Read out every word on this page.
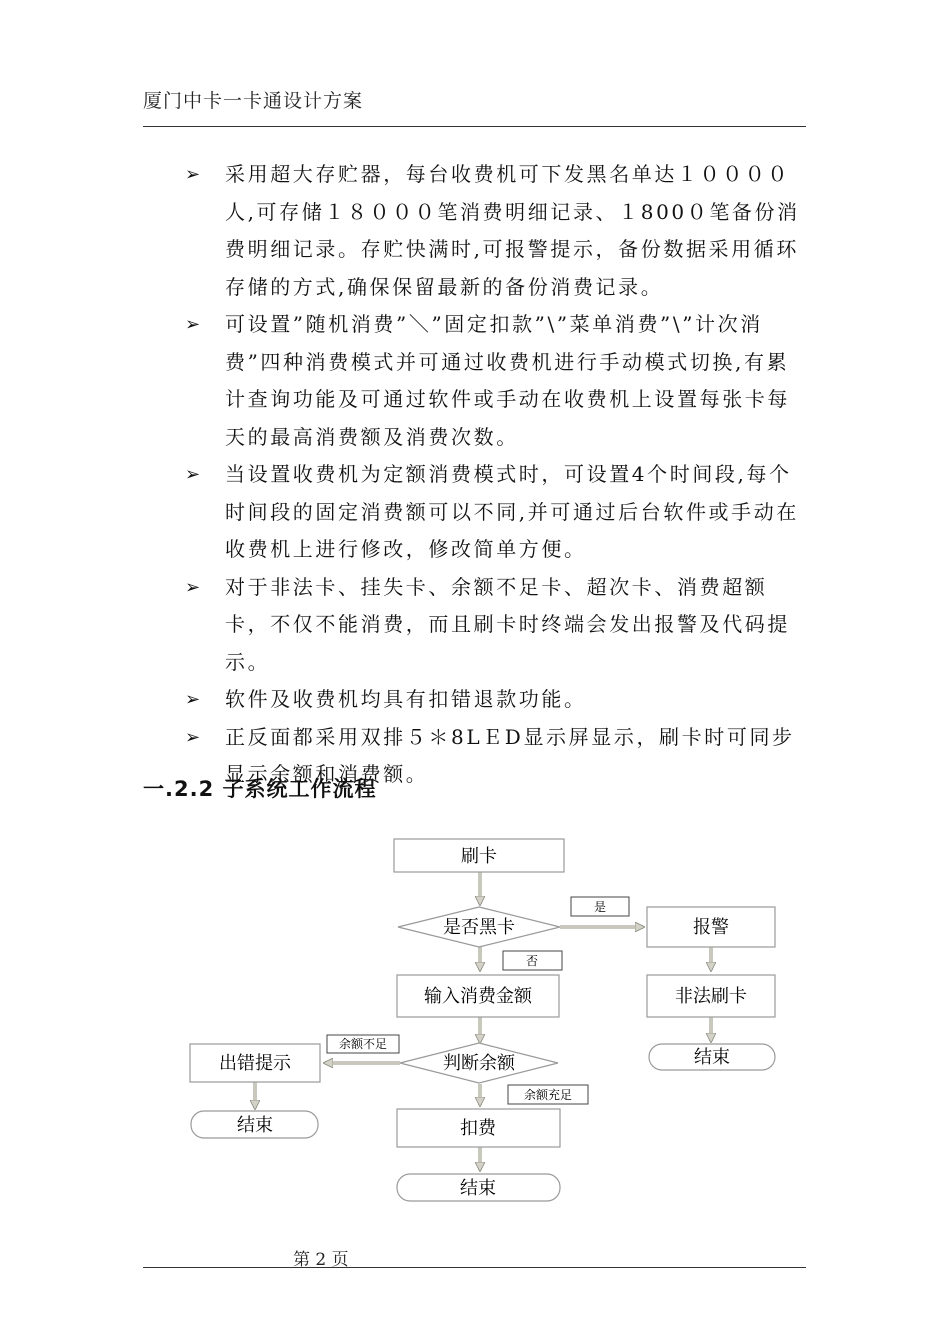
厦门中卡一卡通设计方案
➢ 采用超大存贮器，每台收费机可下发黑名单达１００００人,可存储１８０００笔消费明细记录、１800０笔备份消费明细记录。存贮快满时,可报警提示，备份数据采用循环存储的方式,确保保留最新的备份消费记录。
➢ 可设置”随机消费”＼”固定扣款”\”菜单消费”\”计次消费”四种消费模式并可通过收费机进行手动模式切换,有累计查询功能及可通过软件或手动在收费机上设置每张卡每天的最高消费额及消费次数。
➢ 当设置收费机为定额消费模式时，可设置4个时间段,每个时间段的固定消费额可以不同,并可通过后台软件或手动在收费机上进行修改，修改简单方便。
➢ 对于非法卡、挂失卡、余额不足卡、超次卡、消费超额卡，不仅不能消费，而且刷卡时终端会发出报警及代码提示。
➢ 软件及收费机均具有扣错退款功能。
➢ 正反面都采用双排５＊8LＥD显示屏显示，刷卡时可同步显示余额和消费额。
一.2.2 子系统工作流程
刷卡
是否黑卡
是
报警
否
输入消费金额	非法刷卡
结束
余额不足
出错提示	判断余额
余额充足
结束	扣费
结束
第 2 页
